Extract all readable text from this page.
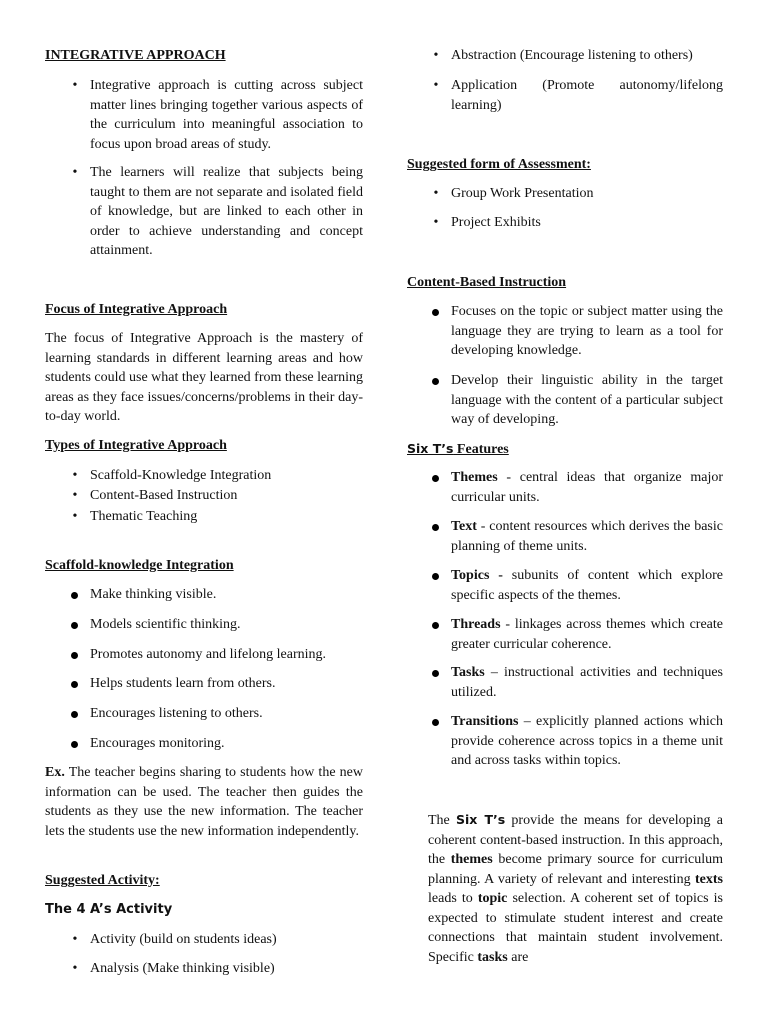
INTEGRATIVE APPROACH
• Integrative approach is cutting across subject matter lines bringing together various aspects of the curriculum into meaningful association to focus upon broad areas of study.
• The learners will realize that subjects being taught to them are not separate and isolated field of knowledge, but are linked to each other in order to achieve understanding and concept attainment.
Focus of Integrative Approach
The focus of Integrative Approach is the mastery of learning standards in different learning areas and how students could use what they learned from these learning areas as they face issues/concerns/problems in their day-to-day world.
Types of Integrative Approach
• Scaffold-Knowledge Integration
• Content-Based Instruction
• Thematic Teaching
Scaffold-knowledge Integration
Make thinking visible.
Models scientific thinking.
Promotes autonomy and lifelong learning.
Helps students learn from others.
Encourages listening to others.
Encourages monitoring.
Ex. The teacher begins sharing to students how the new information can be used. The teacher then guides the students as they use the new information. The teacher lets the students use the new information independently.
Suggested Activity:
The 4 A’s Activity
• Activity (build on students ideas)
• Analysis (Make thinking visible)
• Abstraction (Encourage listening to others)
• Application (Promote autonomy/lifelong learning)
Suggested form of Assessment:
• Group Work Presentation
• Project Exhibits
Content-Based Instruction
Focuses on the topic or subject matter using the language they are trying to learn as a tool for developing knowledge.
Develop their linguistic ability in the target language with the content of a particular subject way of developing.
Six T’s Features
Themes - central ideas that organize major curricular units.
Text - content resources which derives the basic planning of theme units.
Topics - subunits of content which explore specific aspects of the themes.
Threads - linkages across themes which create greater curricular coherence.
Tasks – instructional activities and techniques utilized.
Transitions – explicitly planned actions which provide coherence across topics in a theme unit and across tasks within topics.
The Six T’s provide the means for developing a coherent content-based instruction. In this approach, the themes become primary source for curriculum planning. A variety of relevant and interesting texts leads to topic selection. A coherent set of topics is expected to stimulate student interest and create connections that maintain student involvement. Specific tasks are
